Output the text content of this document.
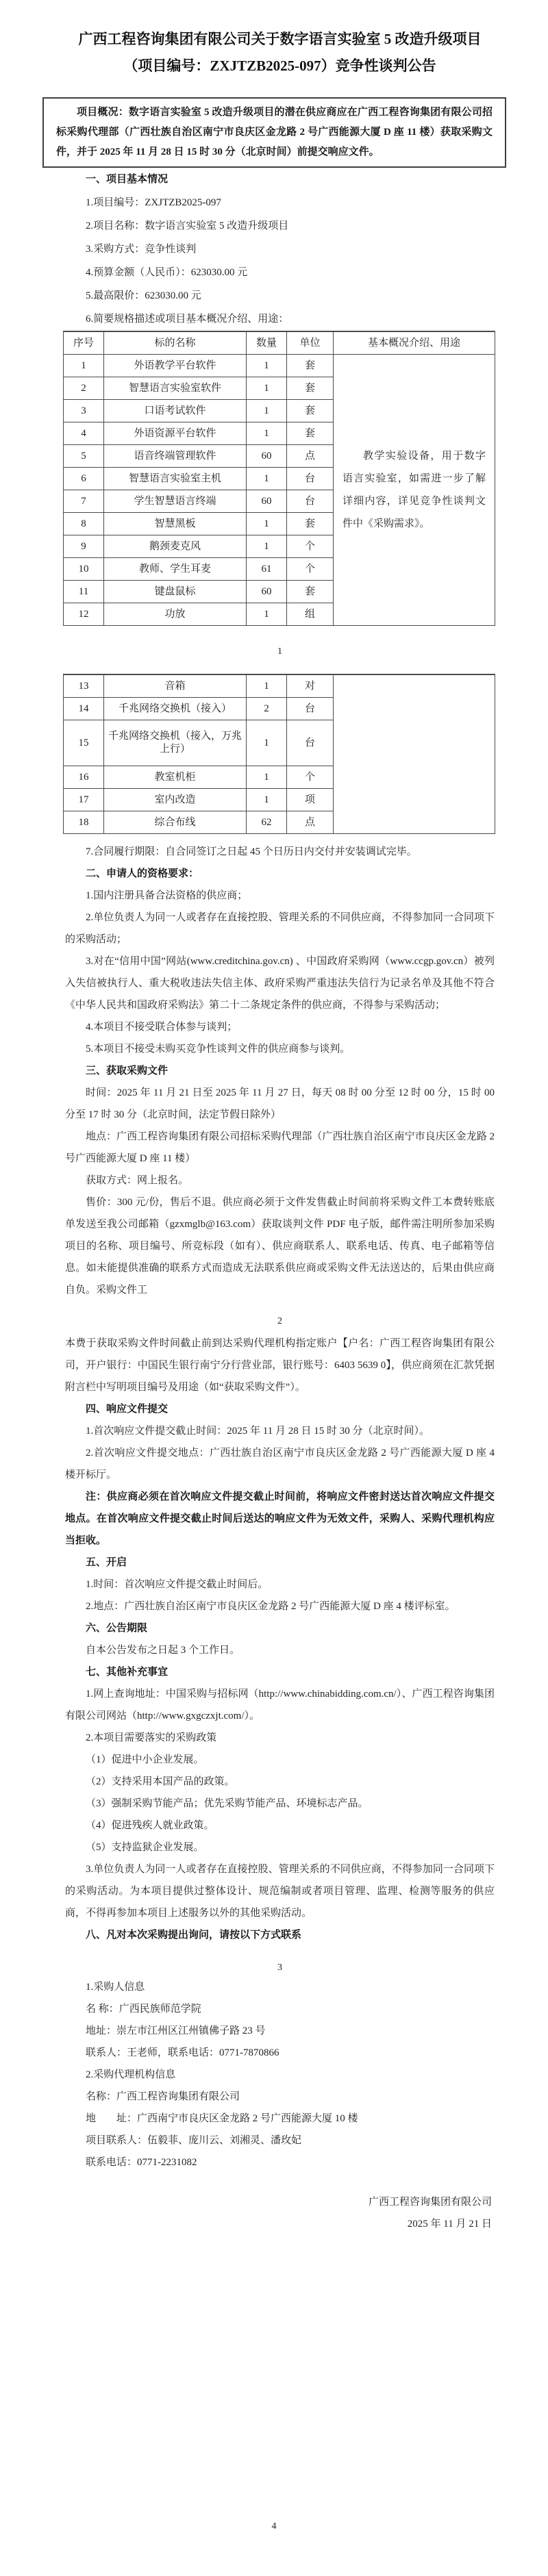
广西工程咨询集团有限公司关于数字语言实验室 5 改造升级项目
（项目编号：ZXJTZB2025-097）竞争性谈判公告

项目概况：数字语言实验室 5 改造升级项目的潜在供应商应在广西工程咨询集团有限公司招标采购代理部（广西壮族自治区南宁市良庆区金龙路 2 号广西能源大厦 D 座 11 楼）获取采购文件，并于 2025 年 11 月 28 日 15 时 30 分（北京时间）前提交响应文件。

一、项目基本情况

1.项目编号：ZXJTZB2025-097

2.项目名称：数字语言实验室 5 改造升级项目

3.采购方式：竞争性谈判

4.预算金额（人民币）：623030.00 元

5.最高限价：623030.00 元

6.简要规格描述或项目基本概况介绍、用途：

序号	标的名称	数量	单位	基本概况介绍、用途
1	外语教学平台软件	1	套	教学实验设备，用于数字语言实验室，如需进一步了解详细内容，详见竞争性谈判文件中《采购需求》。

2	智慧语言实验室软件	1	套	
3	口语考试软件	1	套	
4	外语资源平台软件	1	套	
5	语音终端管理软件	60	点	
6	智慧语言实验室主机	1	台	
7	学生智慧语言终端	60	台	
8	智慧黑板	1	套	
9	鹅颈麦克风	1	个	
10	教师、学生耳麦	61	个	
11	键盘鼠标	60	套	
12	功放	1	组	
1
13	音箱	1	对	
14	千兆网络交换机（接入）	2	台	
15	千兆网络交换机（接入，万兆上行）	1	台	
16	教室机柜	1	个	
17	室内改造	1	项	
18	综合布线	62	点	

7.合同履行期限：自合同签订之日起 45 个日历日内交付并安装调试完毕。

二、申请人的资格要求：

1.国内注册具备合法资格的供应商；

2.单位负责人为同一人或者存在直接控股、管理关系的不同供应商，不得参加同一合同项下的采购活动；

3.对在“信用中国”网站(www.creditchina.gov.cn) 、中国政府采购网（www.ccgp.gov.cn）被列入失信被执行人、重大税收违法失信主体、政府采购严重违法失信行为记录名单及其他不符合《中华人民共和国政府采购法》第二十二条规定条件的供应商，不得参与采购活动；

4.本项目不接受联合体参与谈判；

5.本项目不接受未购买竞争性谈判文件的供应商参与谈判。

三、获取采购文件

时间：2025 年 11 月 21 日至 2025 年 11 月 27 日，每天 08 时 00 分至 12 时 00 分，15 时 00 分至 17 时 30 分（北京时间，法定节假日除外）

地点：广西工程咨询集团有限公司招标采购代理部（广西壮族自治区南宁市良庆区金龙路 2 号广西能源大厦 D 座 11 楼）

获取方式：网上报名。

售价：300 元/份，售后不退。供应商必须于文件发售截止时间前将采购文件工本费转账底单发送至我公司邮箱（gzxmglb@163.com）获取谈判文件 PDF 电子版，邮件需注明所参加采购项目的名称、项目编号、所竞标段（如有）、供应商联系人、联系电话、传真、电子邮箱等信息。如未能提供准确的联系方式而造成无法联系供应商或采购文件无法送达的，后果由供应商自负。采购文件工

2

本费于获取采购文件时间截止前到达采购代理机构指定账户【户名：广西工程咨询集团有限公司，开户银行：中国民生银行南宁分行营业部，银行账号：6403 5639 0】，供应商须在汇款凭据附言栏中写明项目编号及用途（如“获取采购文件”）。

四、响应文件提交

1.首次响应文件提交截止时间：2025 年 11 月 28 日 15 时 30 分（北京时间）。

2.首次响应文件提交地点：广西壮族自治区南宁市良庆区金龙路 2 号广西能源大厦 D 座 4 楼开标厅。

注：供应商必须在首次响应文件提交截止时间前，将响应文件密封送达首次响应文件提交地点。在首次响应文件提交截止时间后送达的响应文件为无效文件，采购人、采购代理机构应当拒收。

五、开启

1.时间：首次响应文件提交截止时间后。

2.地点：广西壮族自治区南宁市良庆区金龙路 2 号广西能源大厦 D 座 4 楼评标室。

六、公告期限

自本公告发布之日起 3 个工作日。

七、其他补充事宜

1.网上查询地址：中国采购与招标网（http://www.chinabidding.com.cn/）、广西工程咨询集团有限公司网站（http://www.gxgczxjt.com/）。

2.本项目需要落实的采购政策

（1）促进中小企业发展。

（2）支持采用本国产品的政策。

（3）强制采购节能产品；优先采购节能产品、环境标志产品。

（4）促进残疾人就业政策。

（5）支持监狱企业发展。

3.单位负责人为同一人或者存在直接控股、管理关系的不同供应商，不得参加同一合同项下的采购活动。为本项目提供过整体设计、规范编制或者项目管理、监理、检测等服务的供应商，不得再参加本项目上述服务以外的其他采购活动。

八、凡对本次采购提出询问，请按以下方式联系

3

1.采购人信息

名 称：广西民族师范学院

地址：崇左市江州区江州镇佛子路 23 号

联系人：王老师，联系电话：0771-7870866

2.采购代理机构信息

名称：广西工程咨询集团有限公司

地　　址：广西南宁市良庆区金龙路 2 号广西能源大厦 10 楼

项目联系人：伍毅菲、庞川云、刘湘灵、潘玫妃

联系电话：0771-2231082

广西工程咨询集团有限公司

2025 年 11 月 21 日

4
